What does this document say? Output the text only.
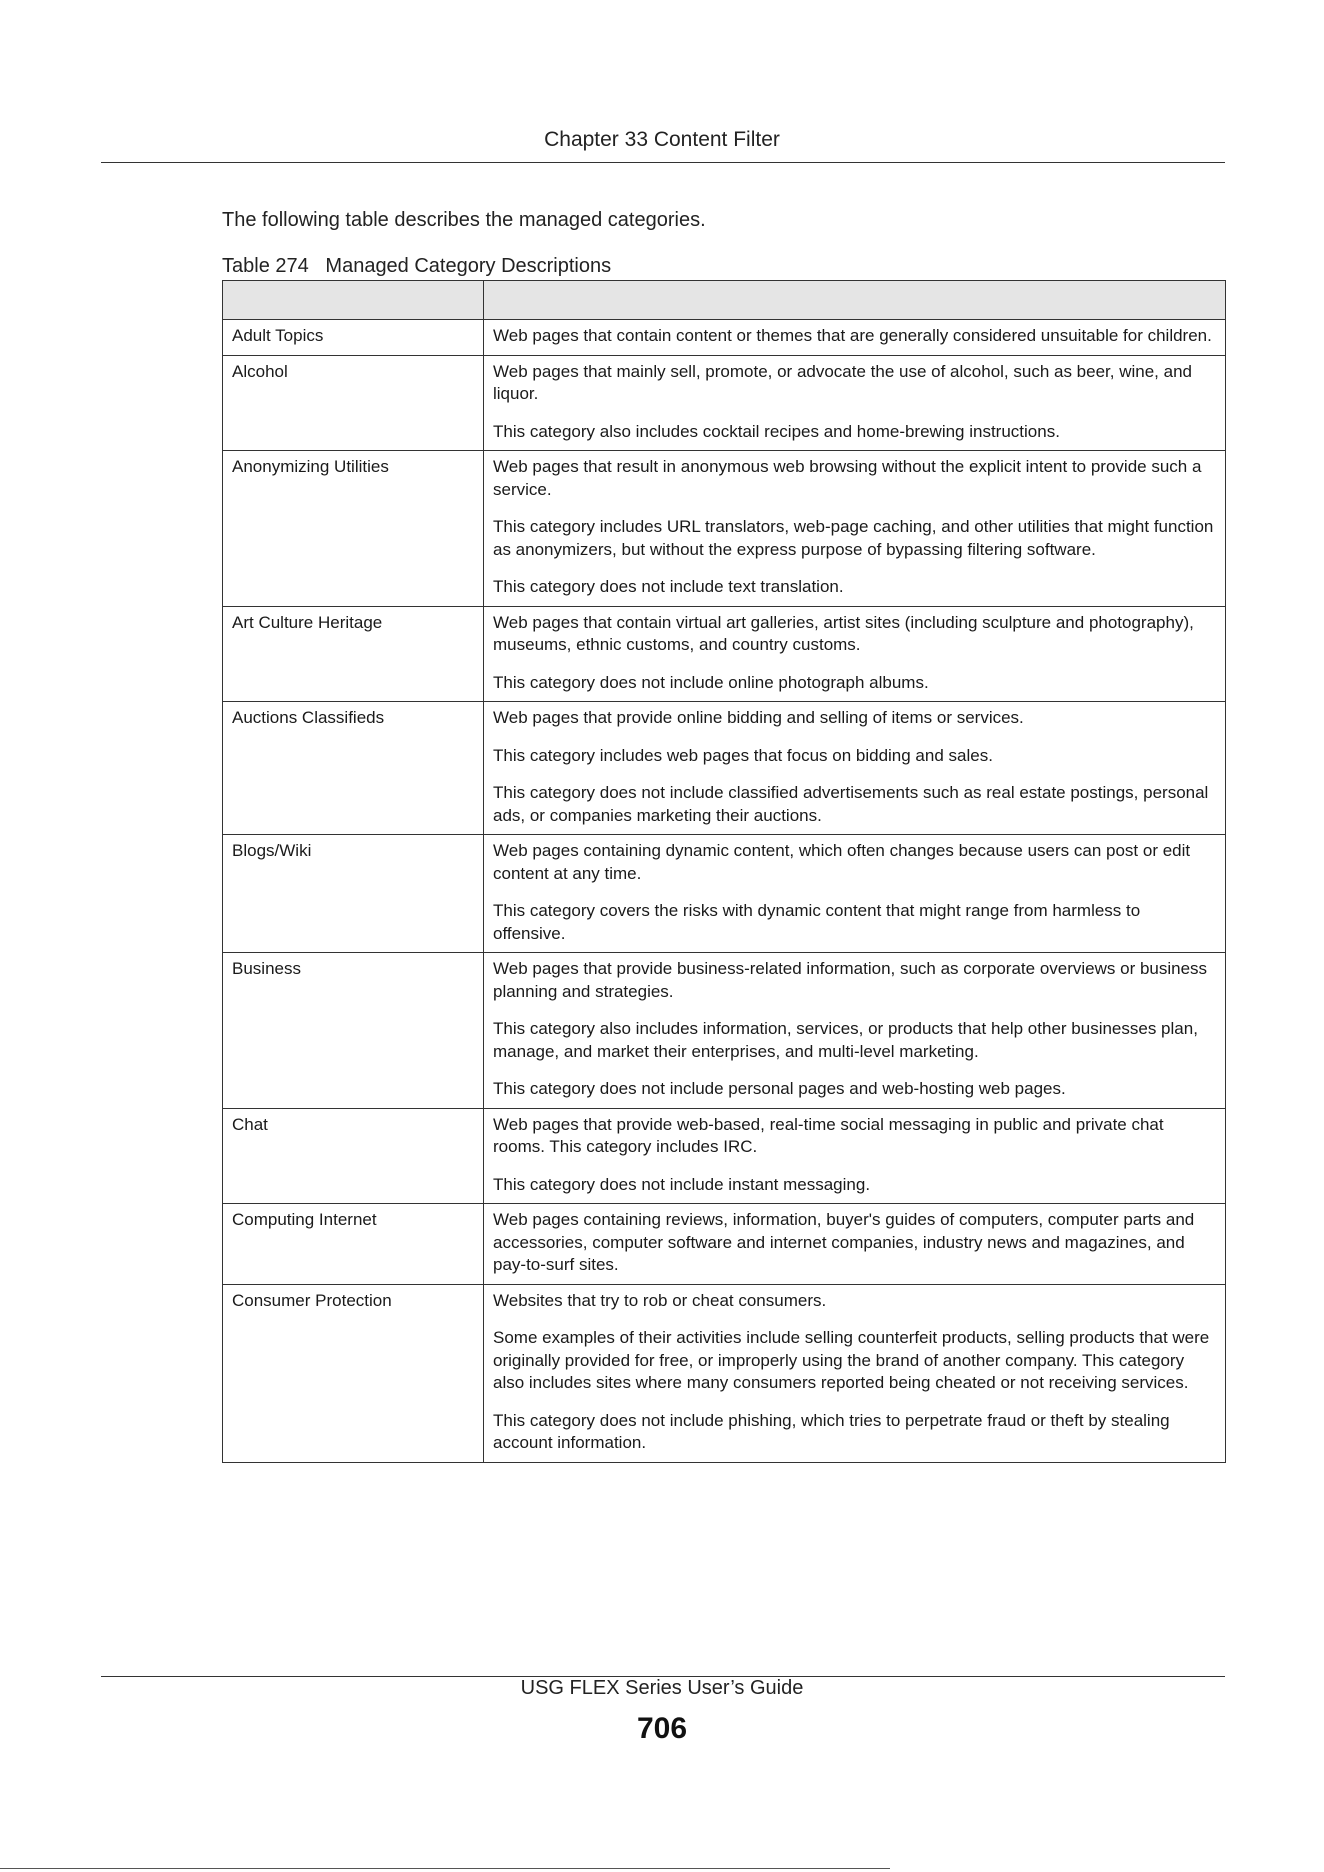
Chapter 33 Content Filter
The following table describes the managed categories.
Table 274   Managed Category Descriptions

Adult Topics	Web pages that contain content or themes that are generally considered unsuitable for children.

Alcohol	Web pages that mainly sell, promote, or advocate the use of alcohol, such as beer, wine, and liquor.

This category also includes cocktail recipes and home-brewing instructions.

Anonymizing Utilities	Web pages that result in anonymous web browsing without the explicit intent to provide such a service.

This category includes URL translators, web-page caching, and other utilities that might function as anonymizers, but without the express purpose of bypassing filtering software.

This category does not include text translation.

Art Culture Heritage	Web pages that contain virtual art galleries, artist sites (including sculpture and photography), museums, ethnic customs, and country customs.

This category does not include online photograph albums.

Auctions Classifieds	Web pages that provide online bidding and selling of items or services.

This category includes web pages that focus on bidding and sales.

This category does not include classified advertisements such as real estate postings, personal ads, or companies marketing their auctions.

Blogs/Wiki	Web pages containing dynamic content, which often changes because users can post or edit content at any time.

This category covers the risks with dynamic content that might range from harmless to offensive.

Business	Web pages that provide business-related information, such as corporate overviews or business planning and strategies.

This category also includes information, services, or products that help other businesses plan, manage, and market their enterprises, and multi-level marketing.

This category does not include personal pages and web-hosting web pages.

Chat	Web pages that provide web-based, real-time social messaging in public and private chat rooms. This category includes IRC.

This category does not include instant messaging.

Computing Internet	Web pages containing reviews, information, buyer's guides of computers, computer parts and accessories, computer software and internet companies, industry news and magazines, and pay-to-surf sites.

Consumer Protection	Websites that try to rob or cheat consumers.

Some examples of their activities include selling counterfeit products, selling products that were originally provided for free, or improperly using the brand of another company. This category also includes sites where many consumers reported being cheated or not receiving services.

This category does not include phishing, which tries to perpetrate fraud or theft by stealing account information.

USG FLEX Series User’s Guide
706
